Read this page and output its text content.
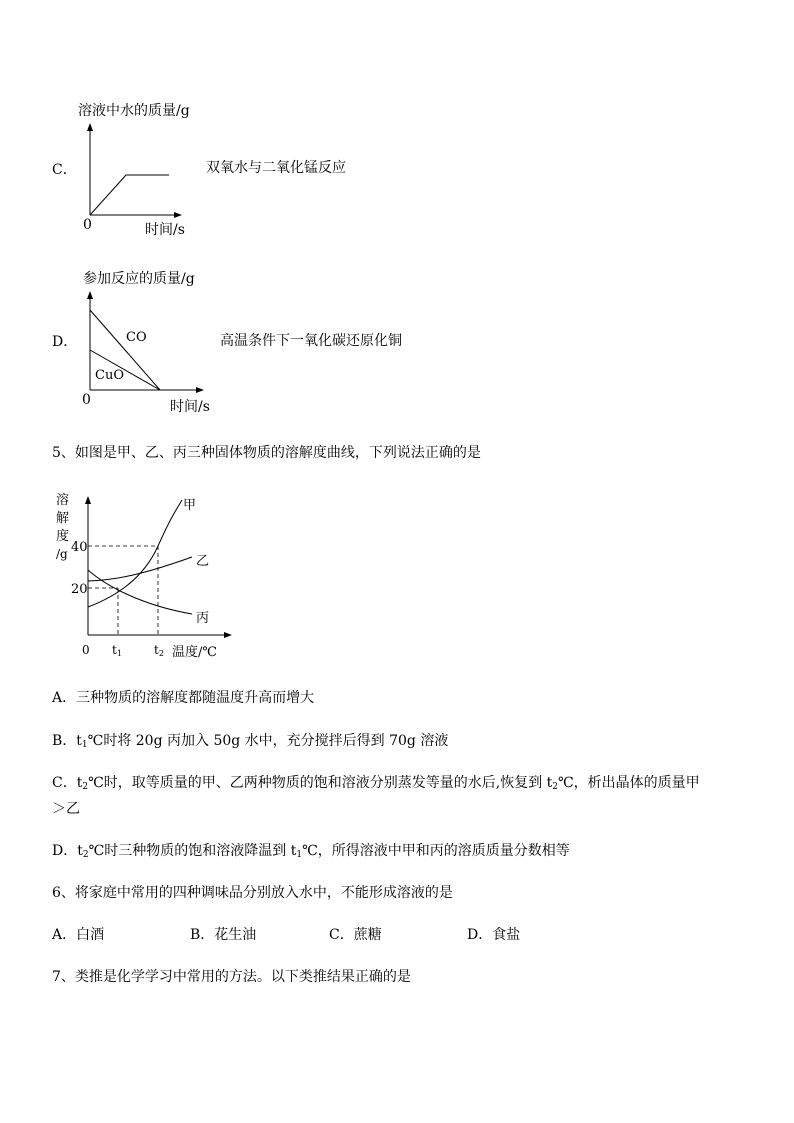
C．
溶液中水的质量/g
0	时间/s
双氧水与二氧化锰反应
D．
参加反应的质量/g
CO
CuO
0	时间/s
高温条件下一氧化碳还原化铜
5、如图是甲、乙、丙三种固体物质的溶解度曲线，下列说法正确的是
溶
解
度
/g 40
20
0 t1	t2 温度/℃
甲
乙
丙
A．三种物质的溶解度都随温度升高而增大
B．$t_1℃$时将 20g 丙加入 50g 水中，充分搅拌后得到 70g 溶液
C．$t_2℃$时，取等质量的甲、乙两种物质的饱和溶液分别蒸发等量的水后,恢复到 $t_2℃$，析出晶体的质量甲
＞乙
D．$t_2℃$时三种物质的饱和溶液降温到 $t_1℃$，所得溶液中甲和丙的溶质质量分数相等
6、将家庭中常用的四种调味品分别放入水中，不能形成溶液的是
A．白酒	B．花生油	C．蔗糖	D．食盐
7、类推是化学学习中常用的方法。以下类推结果正确的是
